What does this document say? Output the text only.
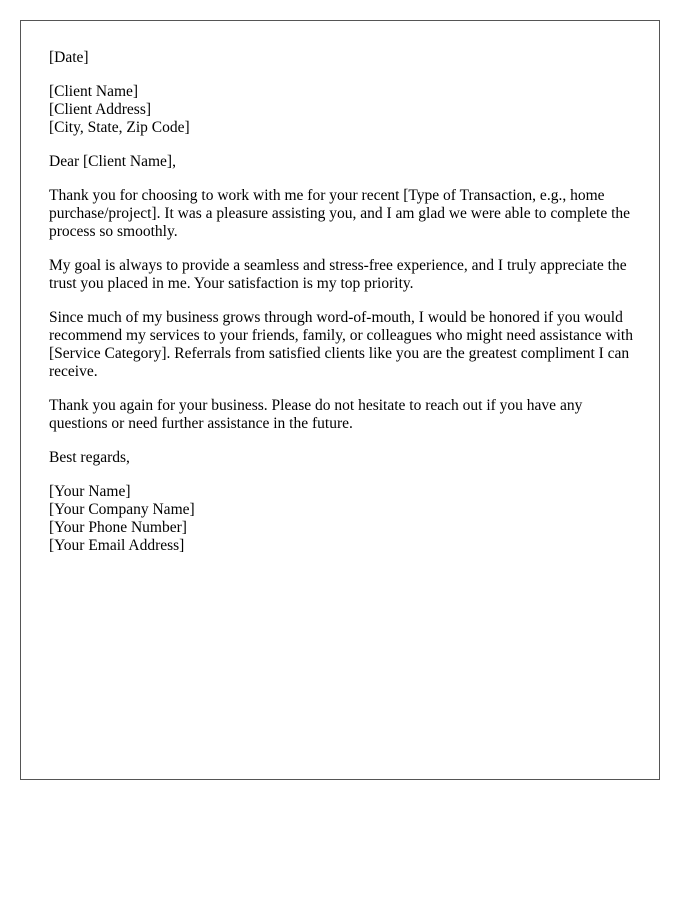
[Date]
[Client Name]
[Client Address]
[City, State, Zip Code]

Dear [Client Name],

Thank you for choosing to work with me for your recent [Type of Transaction, e.g., home purchase/project]. It was a pleasure assisting you, and I am glad we were able to complete the process so smoothly.

My goal is always to provide a seamless and stress-free experience, and I truly appreciate the trust you placed in me. Your satisfaction is my top priority.

Since much of my business grows through word-of-mouth, I would be honored if you would recommend my services to your friends, family, or colleagues who might need assistance with [Service Category]. Referrals from satisfied clients like you are the greatest compliment I can receive.

Thank you again for your business. Please do not hesitate to reach out if you have any questions or need further assistance in the future.

Best regards,

[Your Name]
[Your Company Name]
[Your Phone Number]
[Your Email Address]
